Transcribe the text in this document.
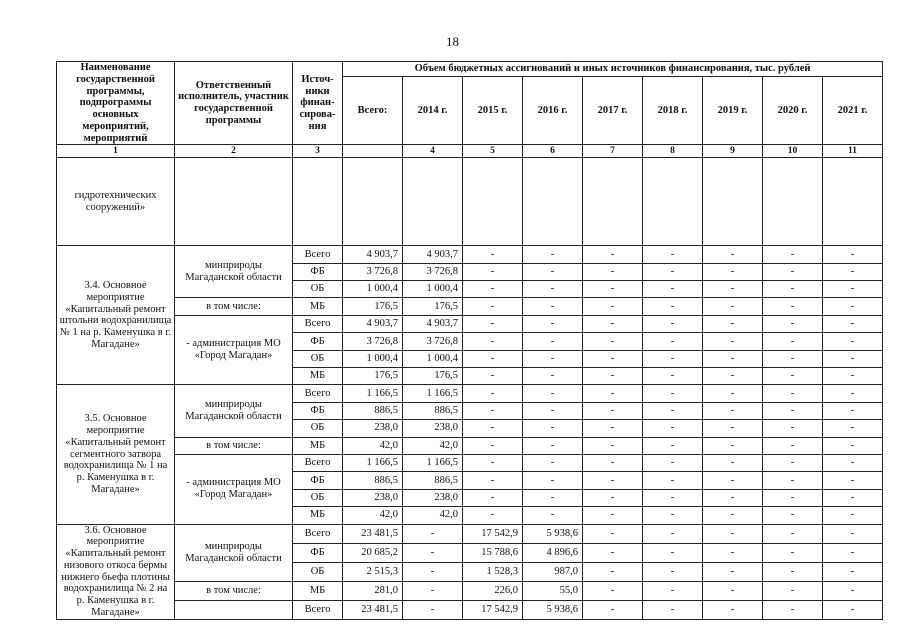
18
Наименование государственной программы, подпрограммы основных мероприятий, мероприятий	Ответственный исполнитель, участник государственной программы	Источ-ники финан-сирова-ния	Объем бюджетных ассигнований и иных источников финансирования, тыс. рублей								
			Всего:	2014 г.	2015 г.	2016 г.	2017 г.	2018 г.	2019 г.	2020 г.	2021 г.
1	2	3		4	5	6	7	8	9	10	11
гидротехнических сооружений»											
3.4. Основное мероприятие «Капитальный ремонт штольни водохранилища № 1 на р. Каменушка в г. Магадане»	минприроды Магаданской области	Всего	4 903,7	4 903,7	-	-	-	-	-	-	-
		ФБ	3 726,8	3 726,8	-	-	-	-	-	-	-
		ОБ	1 000,4	1 000,4	-	-	-	-	-	-	-
	в том числе:	МБ	176,5	176,5	-	-	-	-	-	-	-
	- администрация МО «Город Магадан»	Всего	4 903,7	4 903,7	-	-	-	-	-	-	-
		ФБ	3 726,8	3 726,8	-	-	-	-	-	-	-
		ОБ	1 000,4	1 000,4	-	-	-	-	-	-	-
		МБ	176,5	176,5	-	-	-	-	-	-	-
3.5. Основное мероприятие «Капитальный ремонт сегментного затвора водохранилища № 1 на р. Каменушка в г. Магадане»	минприроды Магаданской области	Всего	1 166,5	1 166,5	-	-	-	-	-	-	-
		ФБ	886,5	886,5	-	-	-	-	-	-	-
		ОБ	238,0	238,0	-	-	-	-	-	-	-
	в том числе:	МБ	42,0	42,0	-	-	-	-	-	-	-
	- администрация МО «Город Магадан»	Всего	1 166,5	1 166,5	-	-	-	-	-	-	-
		ФБ	886,5	886,5	-	-	-	-	-	-	-
		ОБ	238,0	238,0	-	-	-	-	-	-	-
		МБ	42,0	42,0	-	-	-	-	-	-	-
3.6. Основное мероприятие «Капитальный ремонт низового откоса бермы нижнего бьефа плотины водохранилища № 2 на р. Каменушка в г. Магадане»	минприроды Магаданской области	Всего	23 481,5	-	17 542,9	5 938,6	-	-	-	-	-
		ФБ	20 685,2	-	15 788,6	4 896,6	-	-	-	-	-
		ОБ	2 515,3	-	1 528,3	987,0	-	-	-	-	-
	в том числе:	МБ	281,0	-	226,0	55,0	-	-	-	-	-
		Всего	23 481,5	-	17 542,9	5 938,6	-	-	-	-	-
